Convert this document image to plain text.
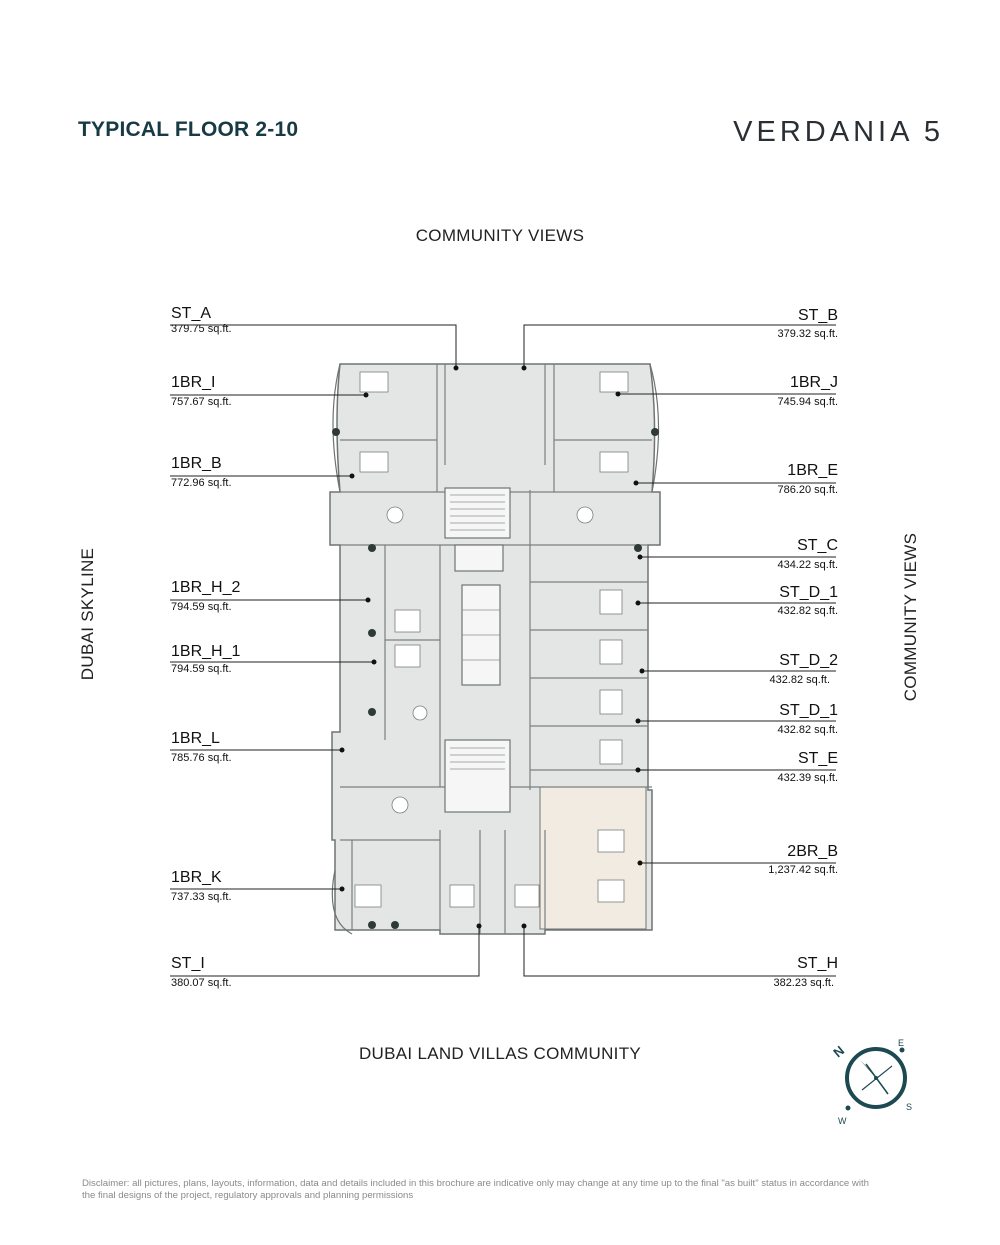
TYPICAL FLOOR 2-10	VERDANIA 5
COMMUNITY VIEWS
DUBAI LAND VILLAS COMMUNITY
DUBAI SKYLINE	COMMUNITY VIEWS
N	E
S
W
ST_A
379.75 sq.ft.
1BR_I
757.67 sq.ft.
1BR_B
772.96 sq.ft.
1BR_H_2
794.59 sq.ft.
1BR_H_1
794.59 sq.ft.
1BR_L
785.76 sq.ft.
1BR_K
737.33 sq.ft.
ST_I
380.07 sq.ft.
ST_B
379.32 sq.ft.
1BR_J
745.94 sq.ft.
1BR_E
786.20 sq.ft.
ST_C
434.22 sq.ft.
ST_D_1
432.82 sq.ft.
ST_D_2
432.82 sq.ft.
ST_D_1
432.82 sq.ft.
ST_E
432.39 sq.ft.
2BR_B
1,237.42 sq.ft.
ST_H
382.23 sq.ft.
Disclaimer: all pictures, plans, layouts, information, data and details included in this brochure are indicative only may change at any time up to the final "as built" status in accordance with the final designs of the project, regulatory approvals and planning permissions
